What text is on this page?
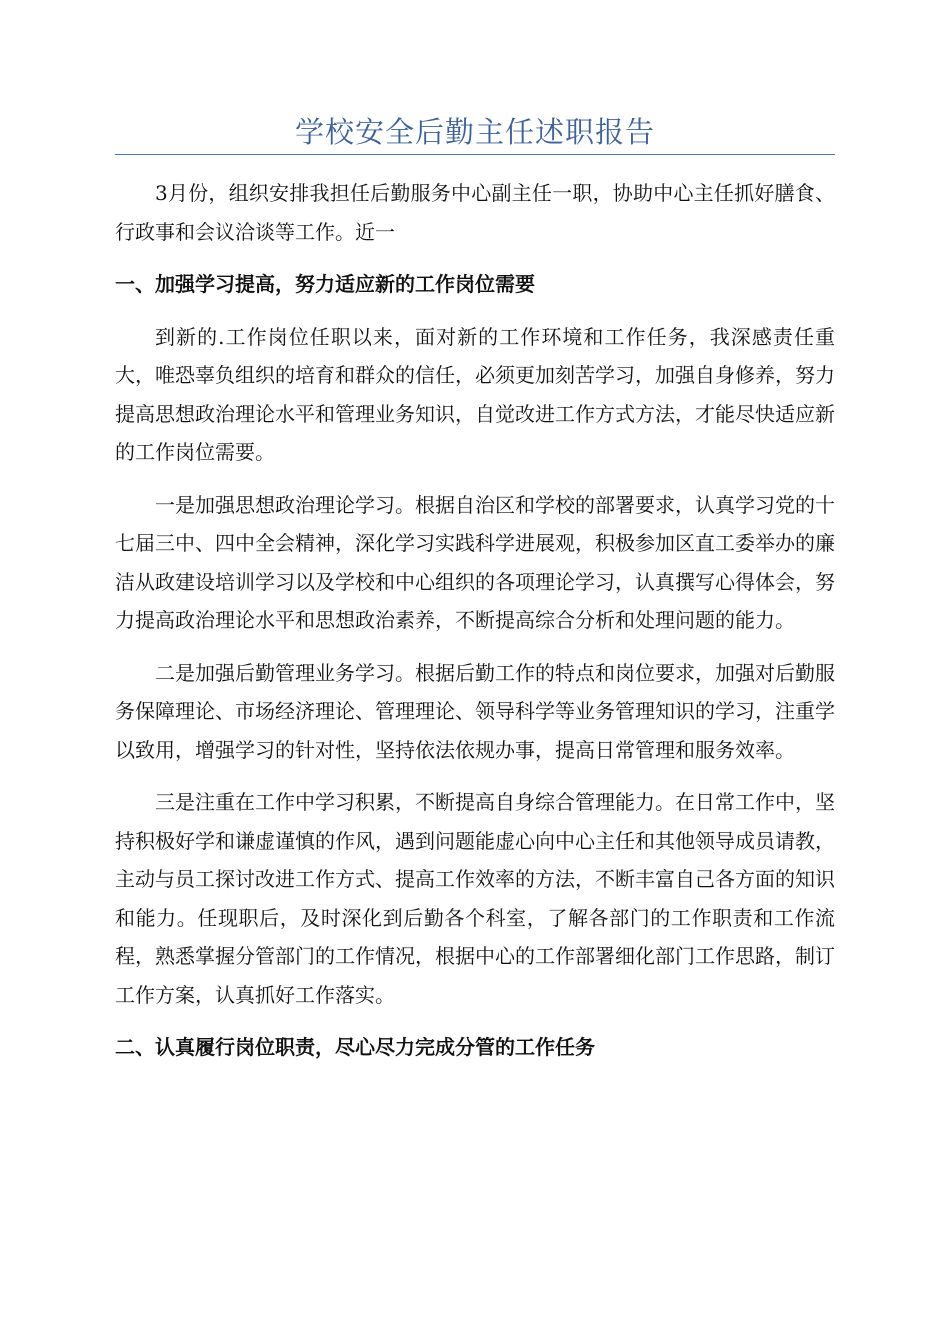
学校安全后勤主任述职报告

3月份，组织安排我担任后勤服务中心副主任一职，协助中心主任抓好膳食、行政事和会议洽谈等工作。近一

一、加强学习提高，努力适应新的工作岗位需要

到新的.工作岗位任职以来，面对新的工作环境和工作任务，我深感责任重大，唯恐辜负组织的培育和群众的信任，必须更加刻苦学习，加强自身修养，努力提高思想政治理论水平和管理业务知识，自觉改进工作方式方法，才能尽快适应新的工作岗位需要。

一是加强思想政治理论学习。根据自治区和学校的部署要求，认真学习党的十七届三中、四中全会精神，深化学习实践科学进展观，积极参加区直工委举办的廉洁从政建设培训学习以及学校和中心组织的各项理论学习，认真撰写心得体会，努力提高政治理论水平和思想政治素养，不断提高综合分析和处理问题的能力。

二是加强后勤管理业务学习。根据后勤工作的特点和岗位要求，加强对后勤服务保障理论、市场经济理论、管理理论、领导科学等业务管理知识的学习，注重学以致用，增强学习的针对性，坚持依法依规办事，提高日常管理和服务效率。

三是注重在工作中学习积累，不断提高自身综合管理能力。在日常工作中，坚持积极好学和谦虚谨慎的作风，遇到问题能虚心向中心主任和其他领导成员请教，主动与员工探讨改进工作方式、提高工作效率的方法，不断丰富自己各方面的知识和能力。任现职后，及时深化到后勤各个科室，了解各部门的工作职责和工作流程，熟悉掌握分管部门的工作情况，根据中心的工作部署细化部门工作思路，制订工作方案，认真抓好工作落实。

二、认真履行岗位职责，尽心尽力完成分管的工作任务
